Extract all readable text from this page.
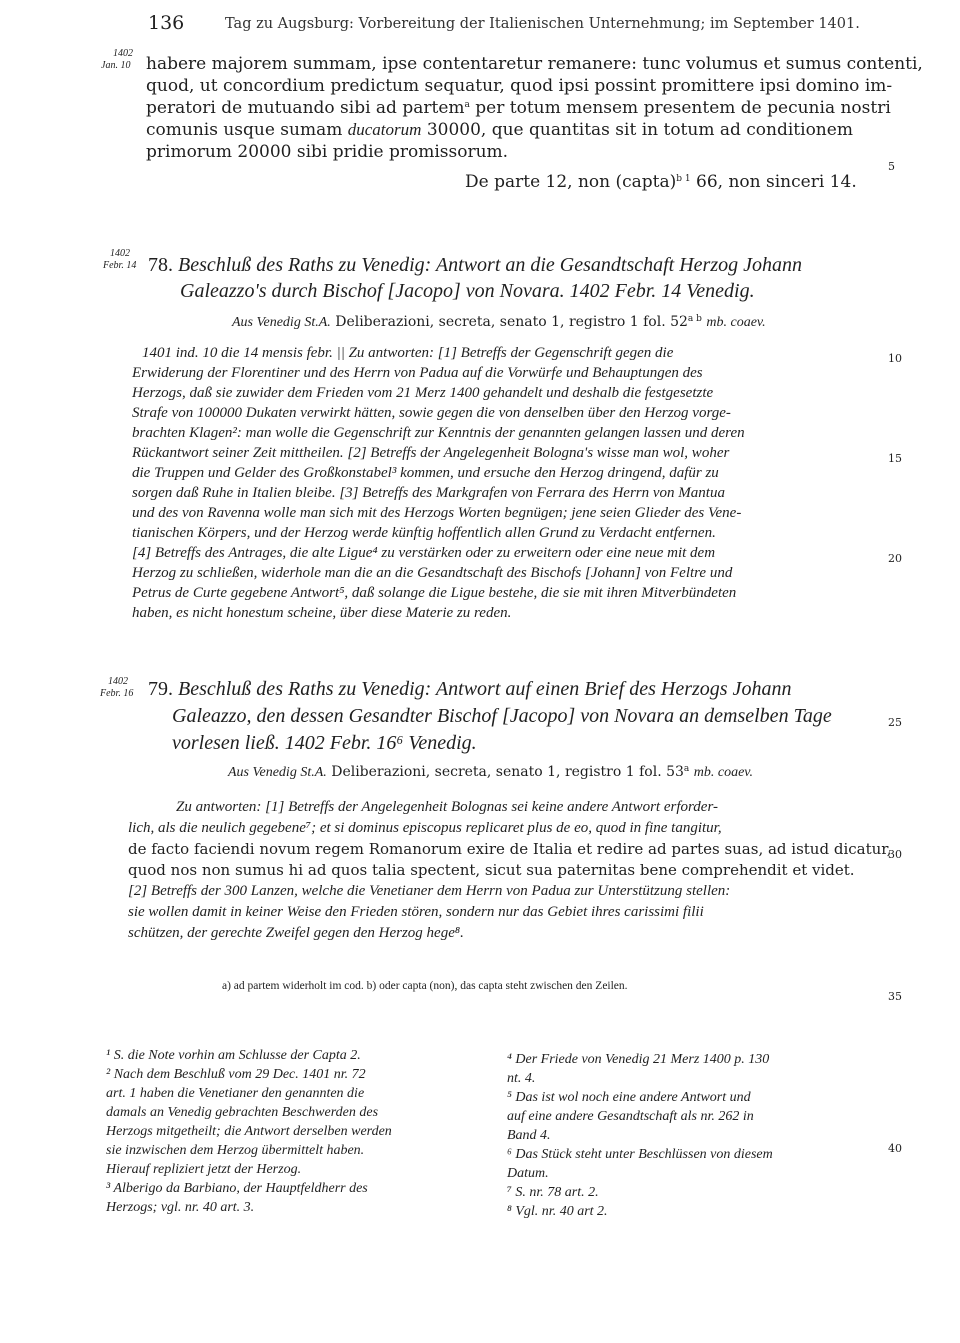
136	Tag zu Augsburg: Vorbereitung der Italienischen Unternehmung; im September 1401.
1402
Jan. 10 habere majorem summam, ipse contentaretur remanere: tunc volumus et sumus contenti,
quod, ut concordium predictum sequatur, quod ipsi possint promittere ipsi domino im-
peratori de mutuando sibi ad partem$^a$ per totum mensem presentem de pecunia nostri
comunis usque sumam ducatorum 30000, que quantitas sit in totum ad conditionem
primorum 20000 sibi pridie promissorum.
De parte 12, non (capta)$^{b 1}$ 66, non sinceri 14.
5
1402
Febr. 14 78. Beschluß des Raths zu Venedig: Antwort an die Gesandtschaft Herzog Johann
Galeazzo's durch Bischof [Jacopo] von Novara. 1402 Febr. 14 Venedig.
Aus Venedig St.A. Deliberazioni, secreta, senato 1, registro 1 fol. $52^{a b}$ mb. coaev.
1401 ind. 10 die 14 mensis febr. || Zu antworten: [1] Betreffs der Gegenschrift gegen die
Erwiderung der Florentiner und des Herrn von Padua auf die Vorwürfe und Behauptungen des
Herzogs, daß sie zuwider dem Frieden vom 21 Merz 1400 gehandelt und deshalb die festgesetzte
Strafe von 100000 Dukaten verwirkt hätten, sowie gegen die von denselben über den Herzog vorge-
brachten Klagen²: man wolle die Gegenschrift zur Kenntnis der genannten gelangen lassen und deren
Rückantwort seiner Zeit mittheilen. [2] Betreffs der Angelegenheit Bologna's wisse man wol, woher
die Truppen und Gelder des Großkonstabel³ kommen, und ersuche den Herzog dringend, dafür zu
sorgen daß Ruhe in Italien bleibe. [3] Betreffs des Markgrafen von Ferrara des Herrn von Mantua
und des von Ravenna wolle man sich mit des Herzogs Worten begnügen; jene seien Glieder des Vene-
tianischen Körpers, und der Herzog werde künftig hoffentlich allen Grund zu Verdacht entfernen.
[4] Betreffs des Antrages, die alte Ligue⁴ zu verstärken oder zu erweitern oder eine neue mit dem
Herzog zu schließen, widerhole man die an die Gesandtschaft des Bischofs [Johann] von Feltre und
Petrus de Curte gegebene Antwort⁵, daß solange die Ligue bestehe, die sie mit ihren Mitverbündeten
haben, es nicht honestum scheine, über diese Materie zu reden.
10
15
20
1402
Febr. 16 79. Beschluß des Raths zu Venedig: Antwort auf einen Brief des Herzogs Johann
Galeazzo, den dessen Gesandter Bischof [Jacopo] von Novara an demselben Tage
vorlesen ließ. 1402 Febr. 16⁶ Venedig.
Aus Venedig St.A. Deliberazioni, secreta, senato 1, registro 1 fol. 53$^a$ mb. coaev.
Zu antworten: [1] Betreffs der Angelegenheit Bolognas sei keine andere Antwort erforder-
lich, als die neulich gegebene⁷; et si dominus episcopus replicaret plus de eo, quod in fine tangitur,
de facto faciendi novum regem Romanorum exire de Italia et redire ad partes suas, ad istud dicatur,
quod nos non sumus hi ad quos talia spectent, sicut sua paternitas bene comprehendit et videt.
[2] Betreffs der 300 Lanzen, welche die Venetianer dem Herrn von Padua zur Unterstützung stellen:
sie wollen damit in keiner Weise den Frieden stören, sondern nur das Gebiet ihres carissimi filii
schützen, der gerechte Zweifel gegen den Herzog hege⁸.
25
30
a) ad partem widerholt im cod. b) oder capta (non), das capta steht zwischen den Zeilen.
35
¹ S. die Note vorhin am Schlusse der Capta 2.
² Nach dem Beschluß vom 29 Dec. 1401 nr. 72
art. 1 haben die Venetianer den genannten die
damals an Venedig gebrachten Beschwerden des
Herzogs mitgetheilt; die Antwort derselben werden
sie inzwischen dem Herzog übermittelt haben.
Hierauf repliziert jetzt der Herzog.
³ Alberigo da Barbiano, der Hauptfeldherr des
Herzogs; vgl. nr. 40 art. 3.
⁴ Der Friede von Venedig 21 Merz 1400 p. 130
nt. 4.
⁵ Das ist wol noch eine andere Antwort und
auf eine andere Gesandtschaft als nr. 262 in
Band 4.
⁶ Das Stück steht unter Beschlüssen von diesem
Datum.
⁷ S. nr. 78 art. 2.
⁸ Vgl. nr. 40 art 2.
40
